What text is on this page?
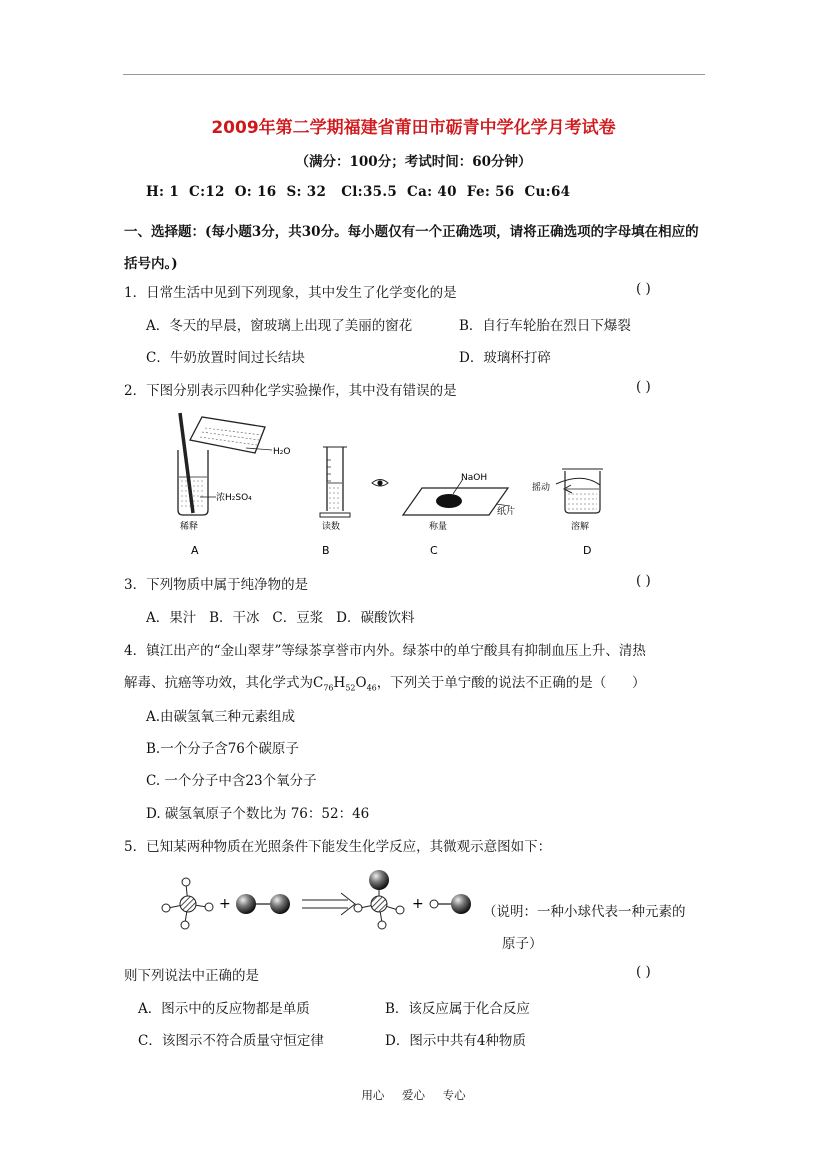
2009年第二学期福建省莆田市砺青中学化学月考试卷
（满分：100分；考试时间：60分钟）
H: 1  C:12  O: 16  S: 32   Cl:35.5  Ca: 40  Fe: 56  Cu:64
一、选择题：(每小题3分，共30分。每小题仅有一个正确选项，请将正确选项的字母填在相应的括号内。)
1．日常生活中见到下列现象，其中发生了化学变化的是	( )
A．冬天的早晨，窗玻璃上出现了美丽的窗花	B．自行车轮胎在烈日下爆裂
C．牛奶放置时间过长结块	D．玻璃杯打碎
2．下图分别表示四种化学实验操作，其中没有错误的是	( )
H₂O
浓H₂SO₄
稀释
A
读数
B
NaOH
纸片
称量
C
摇动
溶解
D
3．下列物质中属于纯净物的是	( )
A．果汁   B．干冰   C．豆浆   D．碳酸饮料
4．镇江出产的“金山翠芽”等绿茶享誉市内外。绿茶中的单宁酸具有抑制血压上升、清热
解毒、抗癌等功效，其化学式为$C_{76}H_{52}O_{46}$，下列关于单宁酸的说法不正确的是（      ）
A.由碳氢氧三种元素组成
B.一个分子含76个碳原子
C. 一个分子中含23个氧分子
D. 碳氢氧原子个数比为 76：52：46
5．已知某两种物质在光照条件下能发生化学反应，其微观示意图如下：
+	+	（说明：一种小球代表一种元素的
原子）
则下列说法中正确的是	( )
A．图示中的反应物都是单质	B．该反应属于化合反应
C．该图示不符合质量守恒定律	D．图示中共有4种物质
用心 爱心 专心
